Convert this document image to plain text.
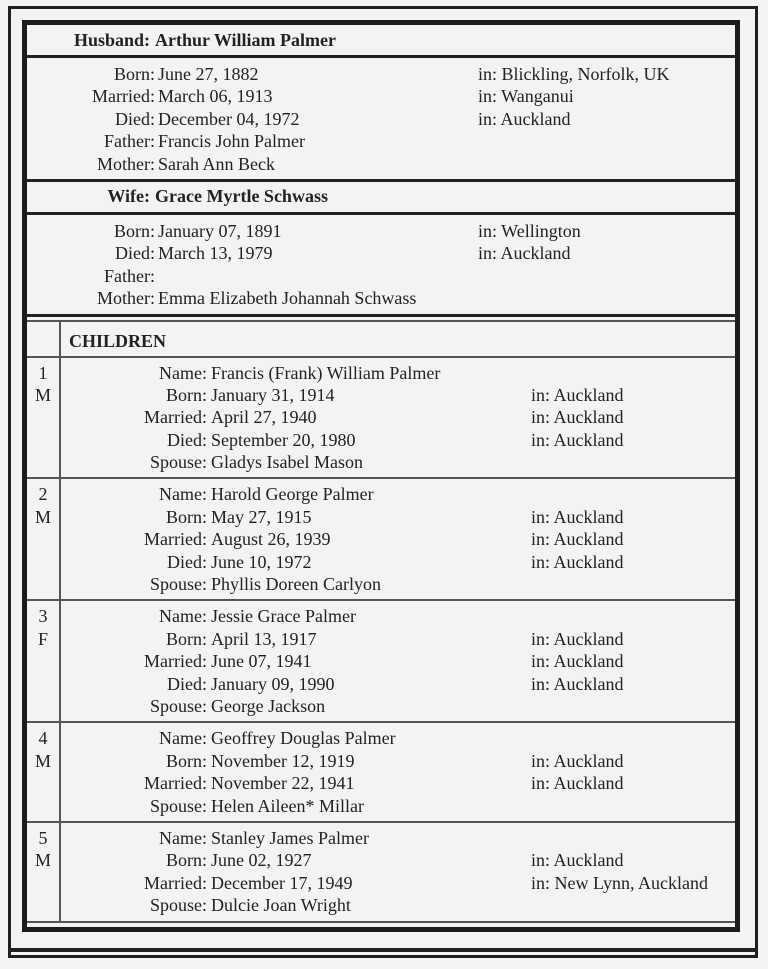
Husband: Arthur William Palmer
Born: June 27, 1882	in: Blickling, Norfolk, UK
Married: March 06, 1913	in: Wanganui
Died: December 04, 1972	in: Auckland
Father: Francis John Palmer
Mother: Sarah Ann Beck
Wife: Grace Myrtle Schwass
Born: January 07, 1891	in: Wellington
Died: March 13, 1979	in: Auckland
Father:
Mother: Emma Elizabeth Johannah Schwass
CHILDREN
1
M
Name: Francis (Frank) William Palmer
Born: January 31, 1914	in: Auckland
Married: April 27, 1940	in: Auckland
Died: September 20, 1980	in: Auckland
Spouse: Gladys Isabel Mason
2
M
Name: Harold George Palmer
Born: May 27, 1915	in: Auckland
Married: August 26, 1939	in: Auckland
Died: June 10, 1972	in: Auckland
Spouse: Phyllis Doreen Carlyon
3
F
Name: Jessie Grace Palmer
Born: April 13, 1917	in: Auckland
Married: June 07, 1941	in: Auckland
Died: January 09, 1990	in: Auckland
Spouse: George Jackson
4
M
Name: Geoffrey Douglas Palmer
Born: November 12, 1919	in: Auckland
Married: November 22, 1941	in: Auckland
Spouse: Helen Aileen* Millar
5
M
Name: Stanley James Palmer
Born: June 02, 1927	in: Auckland
Married: December 17, 1949	in: New Lynn, Auckland
Spouse: Dulcie Joan Wright
